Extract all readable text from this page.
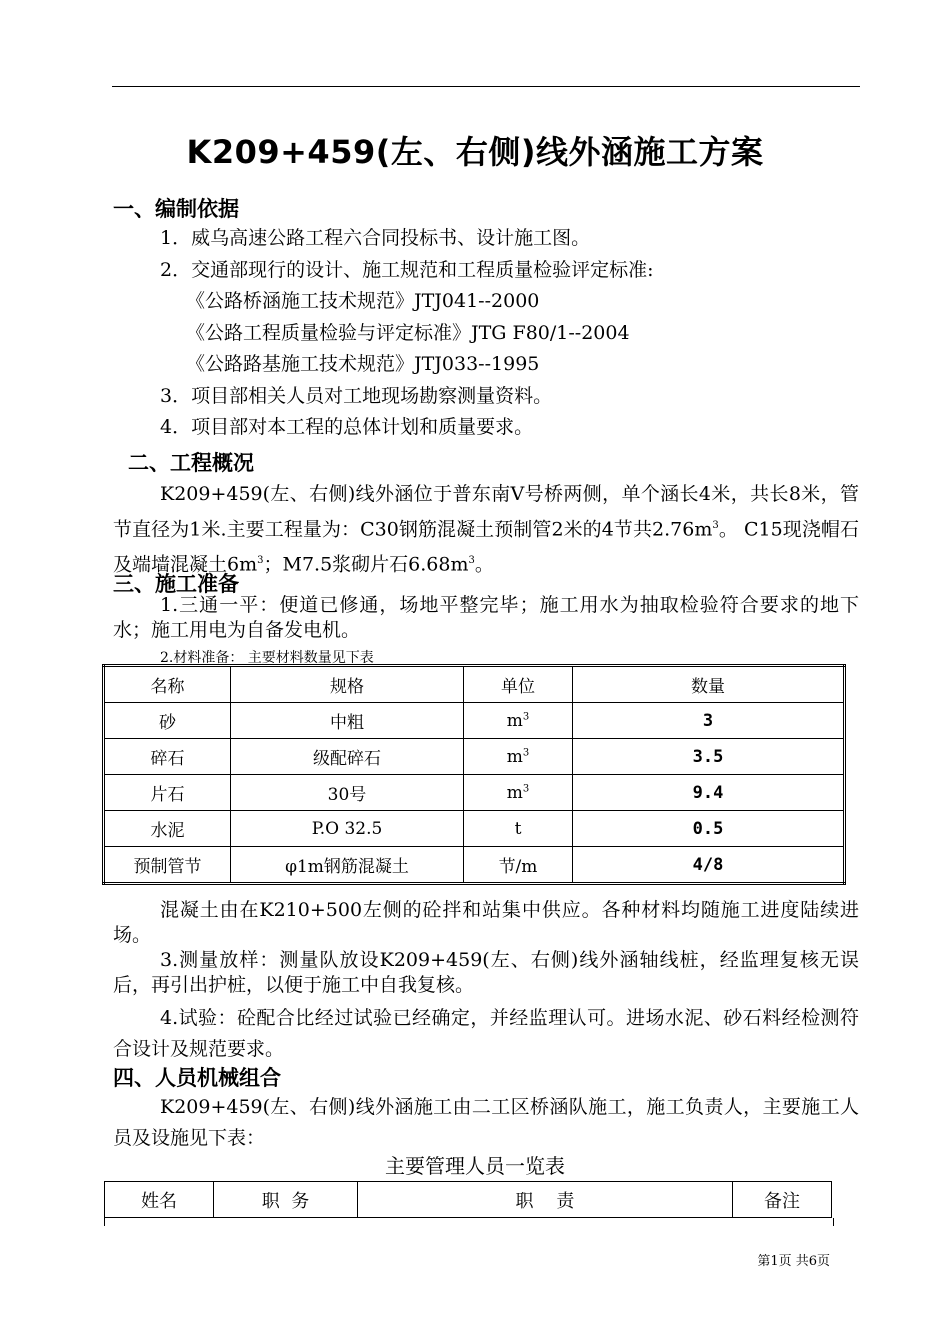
K209+459(左、右侧)线外涵施工方案
一、编制依据
1．威乌高速公路工程六合同投标书、设计施工图。
2．交通部现行的设计、施工规范和工程质量检验评定标准:
《公路桥涵施工技术规范》JTJ041--2000
《公路工程质量检验与评定标准》JTG F80/1--2004
《公路路基施工技术规范》JTJ033--1995
3．项目部相关人员对工地现场勘察测量资料。
4．项目部对本工程的总体计划和质量要求。
二、工程概况
K209+459(左、右侧)线外涵位于普东南Ⅴ号桥两侧，单个涵长4米，共长8米，管节直径为1米.主要工程量为：C30钢筋混凝土预制管2米的4节共$2.76m^3$。 C15现浇帽石及端墙混凝土$6m^3$；M7.5浆砌片石$6.68m^3$。
三、施工准备
1.三通一平：便道已修通，场地平整完毕；施工用水为抽取检验符合要求的地下水；施工用电为自备发电机。
2.材料准备： 主要材料数量见下表
名称	规格	单位	数量
砂	中粗	$m^3$	3
碎石	级配碎石	$m^3$	3.5
片石	30号	$m^3$	9.4
水泥	P.O 32.5	t	0.5
预制管节	φ1m钢筋混凝土	节/m	4/8
混凝土由在K210+500左侧的砼拌和站集中供应。各种材料均随施工进度陆续进场。
3.测量放样：测量队放设K209+459(左、右侧)线外涵轴线桩，经监理复核无误后，再引出护桩，以便于施工中自我复核。
4.试验：砼配合比经过试验已经确定，并经监理认可。进场水泥、砂石料经检测符合设计及规范要求。
四、人员机械组合
K209+459(左、右侧)线外涵施工由二工区桥涵队施工，施工负责人，主要施工人员及设施见下表：
主要管理人员一览表
姓名	职  务	职    责	备注
第1页 共6页
